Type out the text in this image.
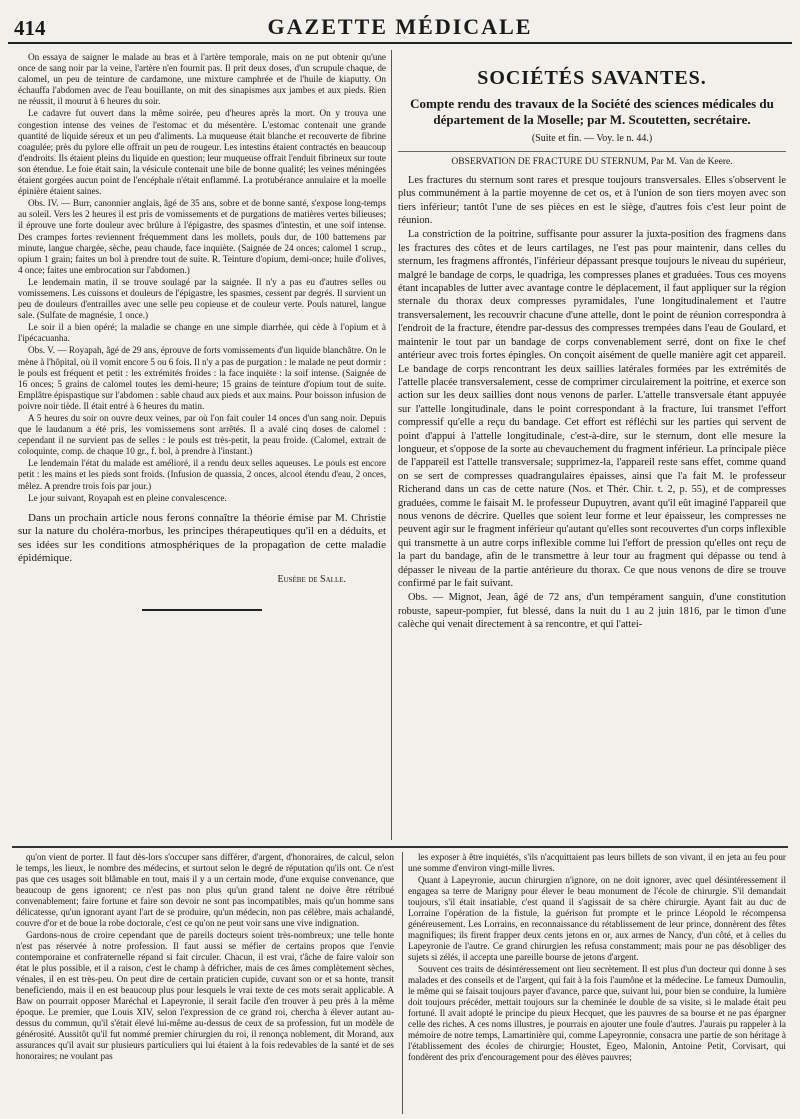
414	GAZETTE MÉDICALE

On essaya de saigner le malade au bras et à l'artère temporale, mais on ne put obtenir qu'une once de sang noir par la veine, l'artère n'en fournit pas. Il prit deux doses, d'un scrupule chaque, de calomel, un peu de teinture de cardamone, une mixture camphrée et de l'huile de kiaputty. On échauffa l'abdomen avec de l'eau bouillante, on mit des sinapismes aux jambes et aux pieds. Rien ne réussit, il mourut à 6 heures du soir.

Le cadavre fut ouvert dans la même soirée, peu d'heures après la mort. On y trouva une congestion intense des veines de l'estomac et du mésentère. L'estomac contenait une grande quantité de liquide séreux et un peu d'aliments. La muqueuse était blanche et recouverte de fibrine coagulée; près du pylore elle offrait un peu de rougeur. Les intestins étaient contractés en beaucoup d'endroits. Ils étaient pleins du liquide en question; leur muqueuse offrait l'enduit fibrineux sur toute son étendue. Le foie était sain, la vésicule contenait une bile de bonne qualité; les veines méningées étaient gorgées aucun point de l'encéphale n'était enflammé. La protubérance annulaire et la moelle épinière étaient saines.

Obs. IV. — Burr, canonnier anglais, âgé de 35 ans, sobre et de bonne santé, s'expose long-temps au soleil. Vers les 2 heures il est pris de vomissements et de purgations de matières vertes bilieuses; il éprouve une forte douleur avec brûlure à l'épigastre, des spasmes d'intestin, et une soif intense. Des crampes fortes reviennent fréquemment dans les mollets, pouls dur, de 100 battemens par minute, langue chargée, sèche, peau chaude, face inquiète. (Saignée de 24 onces; calomel 1 scrup., opium 1 grain; faites un bol à prendre tout de suite. R. Teinture d'opium, demi-once; huile d'olives, 4 once; faites une embrocation sur l'abdomen.)

Le lendemain matin, il se trouve soulagé par la saignée. Il n'y a pas eu d'autres selles ou vomissemens. Les cuissons et douleurs de l'épigastre, les spasmes, cessent par degrés. Il survient un peu de douleurs d'entrailles avec une selle peu copieuse et de couleur verte. Pouls naturel, langue sale. (Sulfate de magnésie, 1 once.)

Le soir il a bien opéré; la maladie se change en une simple diarrhée, qui cède à l'opium et à l'ipécacuanha.

Obs. V. — Royapah, âgé de 29 ans, éprouve de forts vomissements d'un liquide blanchâtre. On le mène à l'hôpital, où il vomit encore 5 ou 6 fois. Il n'y a pas de purgation : le malade ne peut dormir : le pouls est fréquent et petit : les extrémités froides : la face inquiète : la soif intense. (Saignée de 16 onces; 5 grains de calomel toutes les demi-heure; 15 grains de teinture d'opium tout de suite. Emplâtre épispastique sur l'abdomen : sable chaud aux pieds et aux mains. Pour boisson infusion de poivre noir tiède. Il était entré à 6 heures du matin.

A 5 heures du soir on ouvre deux veines, par où l'on fait couler 14 onces d'un sang noir. Depuis que le laudanum a été pris, les vomissemens sont arrêtés. Il a avalé cinq doses de calomel : cependant il ne survient pas de selles : le pouls est très-petit, la peau froide. (Calomel, extrait de coloquinte, comp. de chaque 10 gr., f. bol, à prendre à l'instant.)

Le lendemain l'état du malade est amélioré, il a rendu deux selles aqueuses. Le pouls est encore petit : les mains et les pieds sont froids. (Infusion de quassia, 2 onces, alcool étendu d'eau, 2 onces, mêlez. A prendre trois fois par jour.)

Le jour suivant, Royapah est en pleine convalescence.

Dans un prochain article nous ferons connaître la théorie émise par M. Christie sur la nature du choléra-morbus, les principes thérapeutiques qu'il en a déduits, et ses idées sur les conditions atmosphériques de la propagation de cette maladie épidémique.

Eusèbe de Salle.
SOCIÉTÉS SAVANTES.
Compte rendu des travaux de la Société des sciences médicales du département de la Moselle; par M. Scoutetten, secrétaire.
(Suite et fin. — Voy. le n. 44.)
OBSERVATION DE FRACTURE DU STERNUM, Par M. Van de Keere.

Les fractures du sternum sont rares et presque toujours transversales. Elles s'observent le plus communément à la partie moyenne de cet os, et à l'union de son tiers moyen avec son tiers inférieur; tantôt l'une de ses pièces en est le siège, d'autres fois c'est leur point de réunion.

La constriction de la poitrine, suffisante pour assurer la juxta-position des fragmens dans les fractures des côtes et de leurs cartilages, ne l'est pas pour maintenir, dans celles du sternum, les fragmens affrontés, l'inférieur dépassant presque toujours le niveau du supérieur, malgré le bandage de corps, le quadriga, les compresses planes et graduées. Tous ces moyens étant incapables de lutter avec avantage contre le déplacement, il faut appliquer sur la région sternale du thorax deux compresses pyramidales, l'une longitudinalement et l'autre transversalement, les recouvrir chacune d'une attelle, dont le point de réunion correspondra à l'endroit de la fracture, étendre par-dessus des compresses trempées dans l'eau de Goulard, et maintenir le tout par un bandage de corps convenablement serré, dont on fixe le chef antérieur avec trois fortes épingles. On conçoit aisément de quelle manière agit cet appareil. Le bandage de corps rencontrant les deux saillies latérales formées par les extrémités de l'attelle placée transversalement, cesse de comprimer circulairement la poitrine, et exerce son action sur les deux saillies dont nous venons de parler. L'attelle transversale étant appuyée sur l'attelle longitudinale, dans le point correspondant à la fracture, lui transmet l'effort compressif qu'elle a reçu du bandage. Cet effort est réfléchi sur les parties qui servent de point d'appui à l'attelle longitudinale, c'est-à-dire, sur le sternum, dont elle mesure la longueur, et s'oppose de la sorte au chevauchement du fragment inférieur. La principale pièce de l'appareil est l'attelle transversale; supprimez-la, l'appareil reste sans effet, comme quand on se sert de compresses quadrangulaires épaisses, ainsi que l'a fait M. le professeur Richerand dans un cas de cette nature (Nos. et Thér. Chir. t. 2, p. 55), et de compresses graduées, comme le faisait M. le professeur Dupuytren, avant qu'il eût imaginé l'appareil que nous venons de décrire. Quelles que soient leur forme et leur épaisseur, les compresses ne peuvent agir sur le fragment inférieur qu'autant qu'elles sont recouvertes d'un corps inflexible qui transmette à un autre corps inflexible comme lui l'effort de pression qu'elles ont reçu de la part du bandage, afin de le transmettre à leur tour au fragment qui dépasse ou tend à dépasser le niveau de la partie antérieure du thorax. Ce que nous venons de dire se trouve confirmé par le fait suivant.

Obs. — Mignot, Jean, âgé de 72 ans, d'un tempérament sanguin, d'une constitution robuste, sapeur-pompier, fut blessé, dans la nuit du 1 au 2 juin 1816, par le timon d'une calèche qui venait directement à sa rencontre, et qui l'attei-

qu'on vient de porter. Il faut dès-lors s'occuper sans différer, d'argent, d'honoraires, de calcul, selon le temps, les lieux, le nombre des médecins, et surtout selon le degré de réputation qu'ils ont. Ce n'est pas que ces usages soit blâmable en tout, mais il y a un certain mode, d'une exquise convenance, que beaucoup de gens ignorent; ce n'est pas non plus qu'un grand talent ne doive être rétribué convenablement; faire fortune et faire son devoir ne sont pas incompatibles, mais qu'un homme sans délicatesse, qu'un ignorant ayant l'art de se produire, qu'un médecin, non pas célèbre, mais achalandé, couvre d'or et de boue la robe doctorale, c'est ce qu'on ne peut voir sans une vive indignation.

Gardons-nous de croire cependant que de pareils docteurs soient très-nombreux; une telle honte n'est pas réservée à notre profession. Il faut aussi se méfier de certains propos que l'envie contemporaine et confraternelle répand si fait circuler. Chacun, il est vrai, t'âche de faire valoir son état le plus possible, et il a raison, c'est le champ à défricher, mais de ces âmes complètement sèches, vénales, il en est très-peu. On peut dire de certain praticien cupide, cuvant son or et sa honte, transit beneficiendo, mais il en est beaucoup plus pour lesquels le vrai texte de ces mots serait applicable. A Baw on pourrait opposer Maréchal et Lapeyronie, il serait facile d'en trouver à peu près à la même époque. Le premier, que Louis XIV, selon l'expression de ce grand roi, chercha à élever autant au-dessus du commun, qu'il s'était élevé lui-même au-dessus de ceux de sa profession, fut un modèle de générosité. Aussitôt qu'il fut nommé premier chirurgien du roi, il renonça noblement, dit Morand, aux assurances qu'il avait sur plusieurs particuliers qui lui étaient à la fois redevables de la santé et de ses honoraires; ne voulant pas

les exposer à être inquiétés, s'ils n'acquittaient pas leurs billets de son vivant, il en jeta au feu pour une somme d'environ vingt-mille livres.

Quant à Lapeyronie, aucun chirurgien n'ignore, on ne doit ignorer, avec quel désintéressement il engagea sa terre de Marigny pour élever le beau monument de l'école de chirurgie. S'il demandait toujours, s'il était insatiable, c'est quand il s'agissait de sa chère chirurgie. Ayant fait au duc de Lorraine l'opération de la fistule, la guérison fut prompte et le prince Léopold le récompensa généreusement. Les Lorrains, en reconnaissance du rétablissement de leur prince, donnèrent des fêtes magnifiques; ils firent frapper deux cents jetons en or, aux armes de Nancy, d'un côté, et à celles du Lapeyronie de l'autre. Ce grand chirurgien les refusa constamment; mais pour ne pas désobliger des sujets si zélés, il accepta une pareille bourse de jetons d'argent.

Souvent ces traits de désintéressement ont lieu secrètement. Il est plus d'un docteur qui donne à ses malades et des conseils et de l'argent, qui fait à la fois l'aumône et la médecine. Le fameux Dumoulin, le même qui se faisait toujours payer d'avance, parce que, suivant lui, pour bien se conduire, la lumière doit toujours précéder, mettait toujours sur la cheminée le double de sa visite, si le malade était peu fortuné. Il avait adopté le principe du pieux Hecquet, que les pauvres de sa bourse et ne pas épargner celle des riches. A ces noms illustres, je pourrais en ajouter une foule d'autres. J'aurais pu rappeler à la mémoire de notre temps, Lamartinière qui, comme Lapeyronnie, consacra une partie de son héritage à l'établissement des écoles de chirurgie; Houstet, Egeo, Malonin, Antoine Petit, Corvisart, qui fondèrent des prix d'encouragement pour des élèves pauvres;
